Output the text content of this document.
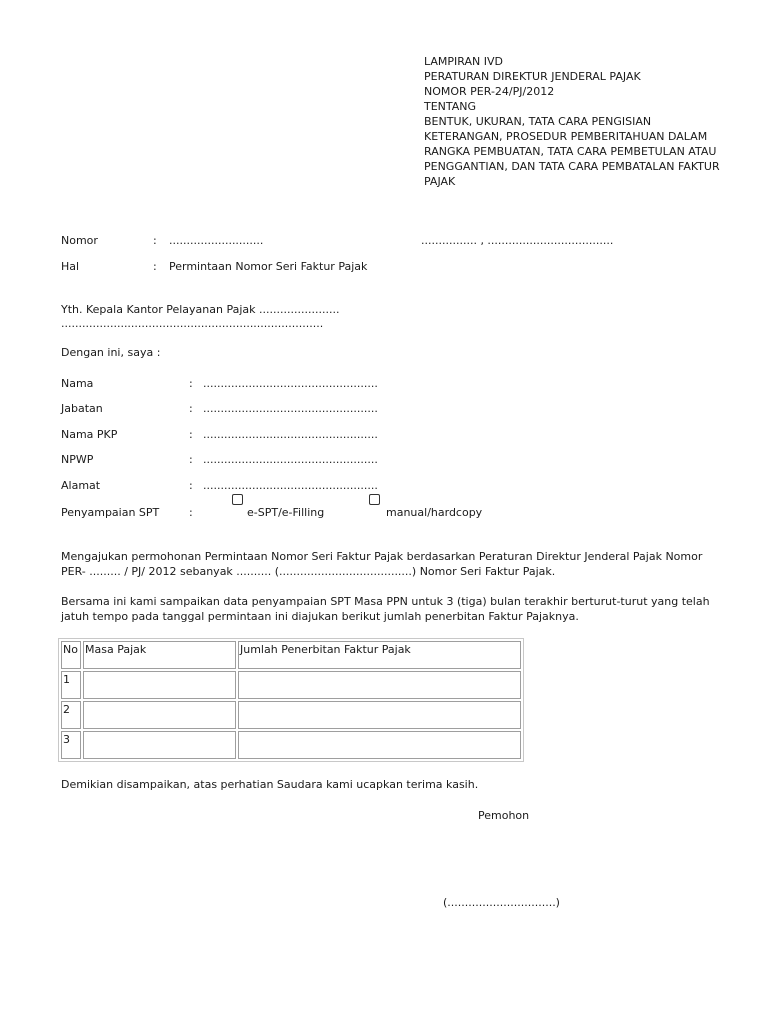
LAMPIRAN IVD
PERATURAN DIREKTUR JENDERAL PAJAK
NOMOR PER-24/PJ/2012
TENTANG
BENTUK, UKURAN, TATA CARA PENGISIAN
KETERANGAN, PROSEDUR PEMBERITAHUAN DALAM
RANGKA PEMBUATAN, TATA CARA PEMBETULAN ATAU
PENGGANTIAN, DAN TATA CARA PEMBATALAN FAKTUR
PAJAK
Nomor	: ...........................	................ , ....................................
Hal	: Permintaan Nomor Seri Faktur Pajak
Yth. Kepala Kantor Pelayanan Pajak .......................
...........................................................................
Dengan ini, saya :
Nama	: ..................................................
Jabatan	: ..................................................
Nama PKP	: ..................................................
NPWP	: ..................................................
Alamat	: ..................................................
Penyampaian SPT	:	e-SPT/e-Filling	manual/hardcopy
Mengajukan permohonan Permintaan Nomor Seri Faktur Pajak berdasarkan Peraturan Direktur Jenderal Pajak Nomor PER- ......... / PJ/ 2012 sebanyak .......... (......................................) Nomor Seri Faktur Pajak.
Bersama ini kami sampaikan data penyampaian SPT Masa PPN untuk 3 (tiga) bulan terakhir berturut-turut yang telah jatuh tempo pada tanggal permintaan ini diajukan berikut jumlah penerbitan Faktur Pajaknya.
No	Masa Pajak	Jumlah Penerbitan Faktur Pajak
1		
2		
3		
Demikian disampaikan, atas perhatian Saudara kami ucapkan terima kasih.
Pemohon
(...............................)
